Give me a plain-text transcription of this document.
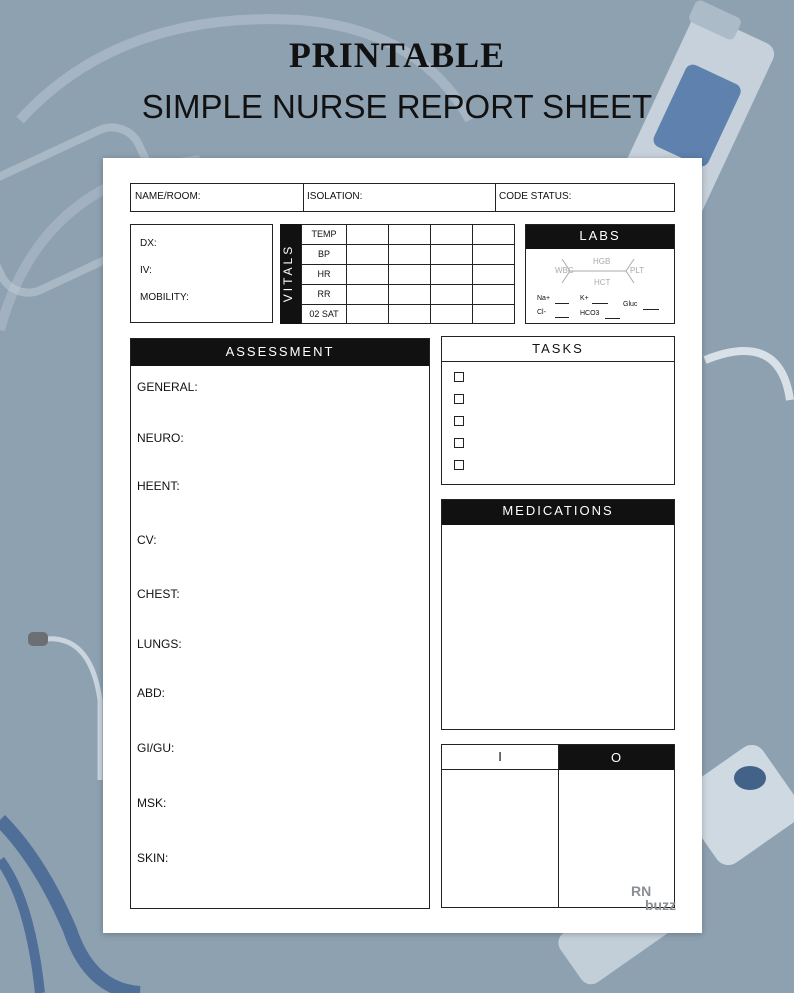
PRINTABLE
SIMPLE NURSE REPORT SHEET
NAME/ROOM:	ISOLATION:	CODE STATUS:
DX:
IV:
MOBILITY:	VITALS
TEMP
BP
HR
RR
02 SAT
LABS
WBC
HGB
HCT
PLT
Na+	K+
Gluc
Cl-	HCO3
ASSESSMENT
GENERAL:
NEURO:
HEENT:
CV:
CHEST:
LUNGS:
ABD:
GI/GU:
MSK:
SKIN:
TASKS
MEDICATIONS
I	O
RN
buzz
